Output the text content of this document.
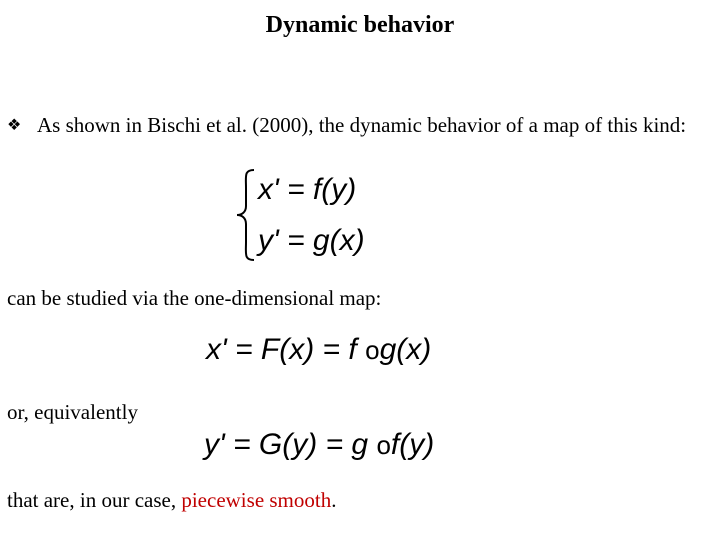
Dynamic behavior
❖ As shown in Bischi et al. (2000), the dynamic behavior of a map of this kind:
x' = f(y)
y' = g(x)
can be studied via the one-dimensional map:
x' = F(x) = f og(x)
or, equivalently
y' = G(y) = g of(y)
that are, in our case, piecewise smooth.
